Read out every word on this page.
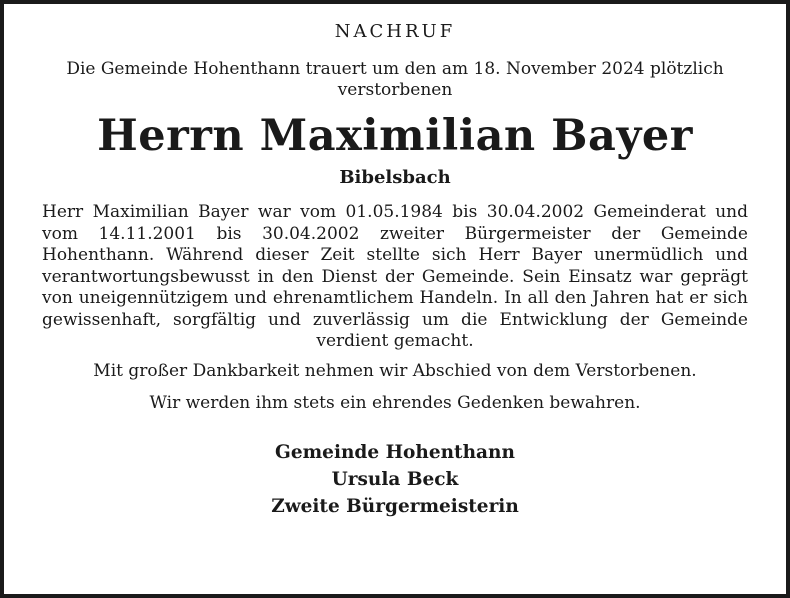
NACHRUF
Die Gemeinde Hohenthann trauert um den am 18. November 2024 plötzlich verstorbenen
Herrn Maximilian Bayer
Bibelsbach
Herr Maximilian Bayer war vom 01.05.1984 bis 30.04.2002 Gemeinderat und vom 14.11.2001 bis 30.04.2002 zweiter Bürgermeister der Gemeinde Hohenthann. Während dieser Zeit stellte sich Herr Bayer unermüdlich und verantwortungsbewusst in den Dienst der Gemeinde. Sein Einsatz war geprägt von uneigennützigem und ehrenamtlichem Handeln. In all den Jahren hat er sich gewissenhaft, sorgfältig und zuverlässig um die Entwicklung der Gemeinde verdient gemacht.
Mit großer Dankbarkeit nehmen wir Abschied von dem Verstorbenen.
Wir werden ihm stets ein ehrendes Gedenken bewahren.
Gemeinde Hohenthann
Ursula Beck
Zweite Bürgermeisterin
